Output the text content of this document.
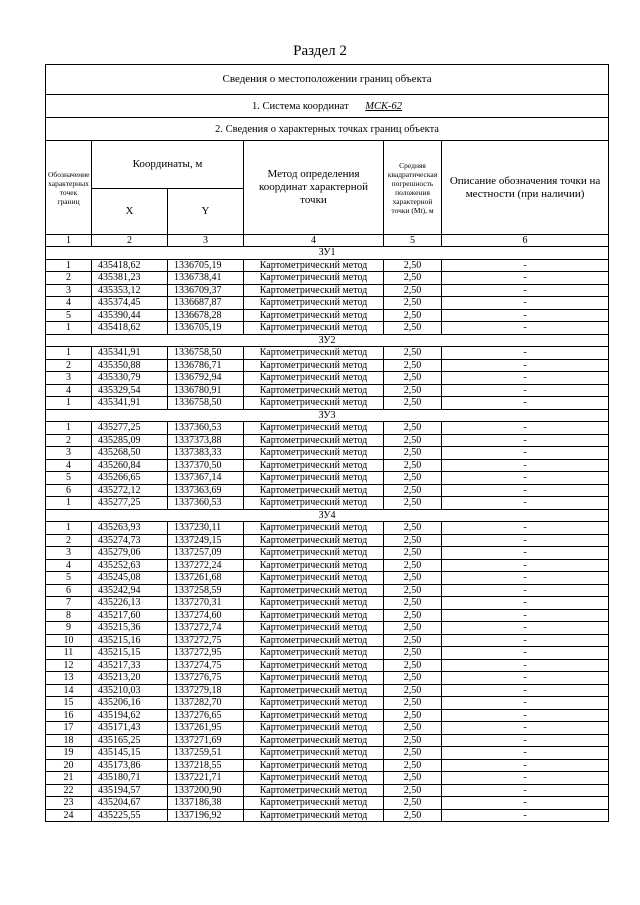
Раздел 2
Сведения о местоположении границ объекта					
1. Система координат МСК-62					
2. Сведения о характерных точках границ объекта					
Обозначение характерных точек границ	Координаты, м		Метод определения координат характерной точки	Средняя квадратическая погрешность положения характерной точки (Mt), м	Описание обозначения точки на местности (при наличии)
	X	Y			
1	2	3	4	5	6
ЗУ1					
1	435418,62	1336705,19	Картометрический метод	2,50	-
2	435381,23	1336738,41	Картометрический метод	2,50	-
3	435353,12	1336709,37	Картометрический метод	2,50	-
4	435374,45	1336687,87	Картометрический метод	2,50	-
5	435390,44	1336678,28	Картометрический метод	2,50	-
1	435418,62	1336705,19	Картометрический метод	2,50	-
ЗУ2					
1	435341,91	1336758,50	Картометрический метод	2,50	-
2	435350,88	1336786,71	Картометрический метод	2,50	-
3	435330,79	1336792,94	Картометрический метод	2,50	-
4	435329,54	1336780,91	Картометрический метод	2,50	-
1	435341,91	1336758,50	Картометрический метод	2,50	-
ЗУ3					
1	435277,25	1337360,53	Картометрический метод	2,50	-
2	435285,09	1337373,88	Картометрический метод	2,50	-
3	435268,50	1337383,33	Картометрический метод	2,50	-
4	435260,84	1337370,50	Картометрический метод	2,50	-
5	435266,65	1337367,14	Картометрический метод	2,50	-
6	435272,12	1337363,69	Картометрический метод	2,50	-
1	435277,25	1337360,53	Картометрический метод	2,50	-
ЗУ4					
1	435263,93	1337230,11	Картометрический метод	2,50	-
2	435274,73	1337249,15	Картометрический метод	2,50	-
3	435279,06	1337257,09	Картометрический метод	2,50	-
4	435252,63	1337272,24	Картометрический метод	2,50	-
5	435245,08	1337261,68	Картометрический метод	2,50	-
6	435242,94	1337258,59	Картометрический метод	2,50	-
7	435226,13	1337270,31	Картометрический метод	2,50	-
8	435217,60	1337274,60	Картометрический метод	2,50	-
9	435215,36	1337272,74	Картометрический метод	2,50	-
10	435215,16	1337272,75	Картометрический метод	2,50	-
11	435215,15	1337272,95	Картометрический метод	2,50	-
12	435217,33	1337274,75	Картометрический метод	2,50	-
13	435213,20	1337276,75	Картометрический метод	2,50	-
14	435210,03	1337279,18	Картометрический метод	2,50	-
15	435206,16	1337282,70	Картометрический метод	2,50	-
16	435194,62	1337276,65	Картометрический метод	2,50	-
17	435171,43	1337261,95	Картометрический метод	2,50	-
18	435165,25	1337271,69	Картометрический метод	2,50	-
19	435145,15	1337259,51	Картометрический метод	2,50	-
20	435173,86	1337218,55	Картометрический метод	2,50	-
21	435180,71	1337221,71	Картометрический метод	2,50	-
22	435194,57	1337200,90	Картометрический метод	2,50	-
23	435204,67	1337186,38	Картометрический метод	2,50	-
24	435225,55	1337196,92	Картометрический метод	2,50	-
